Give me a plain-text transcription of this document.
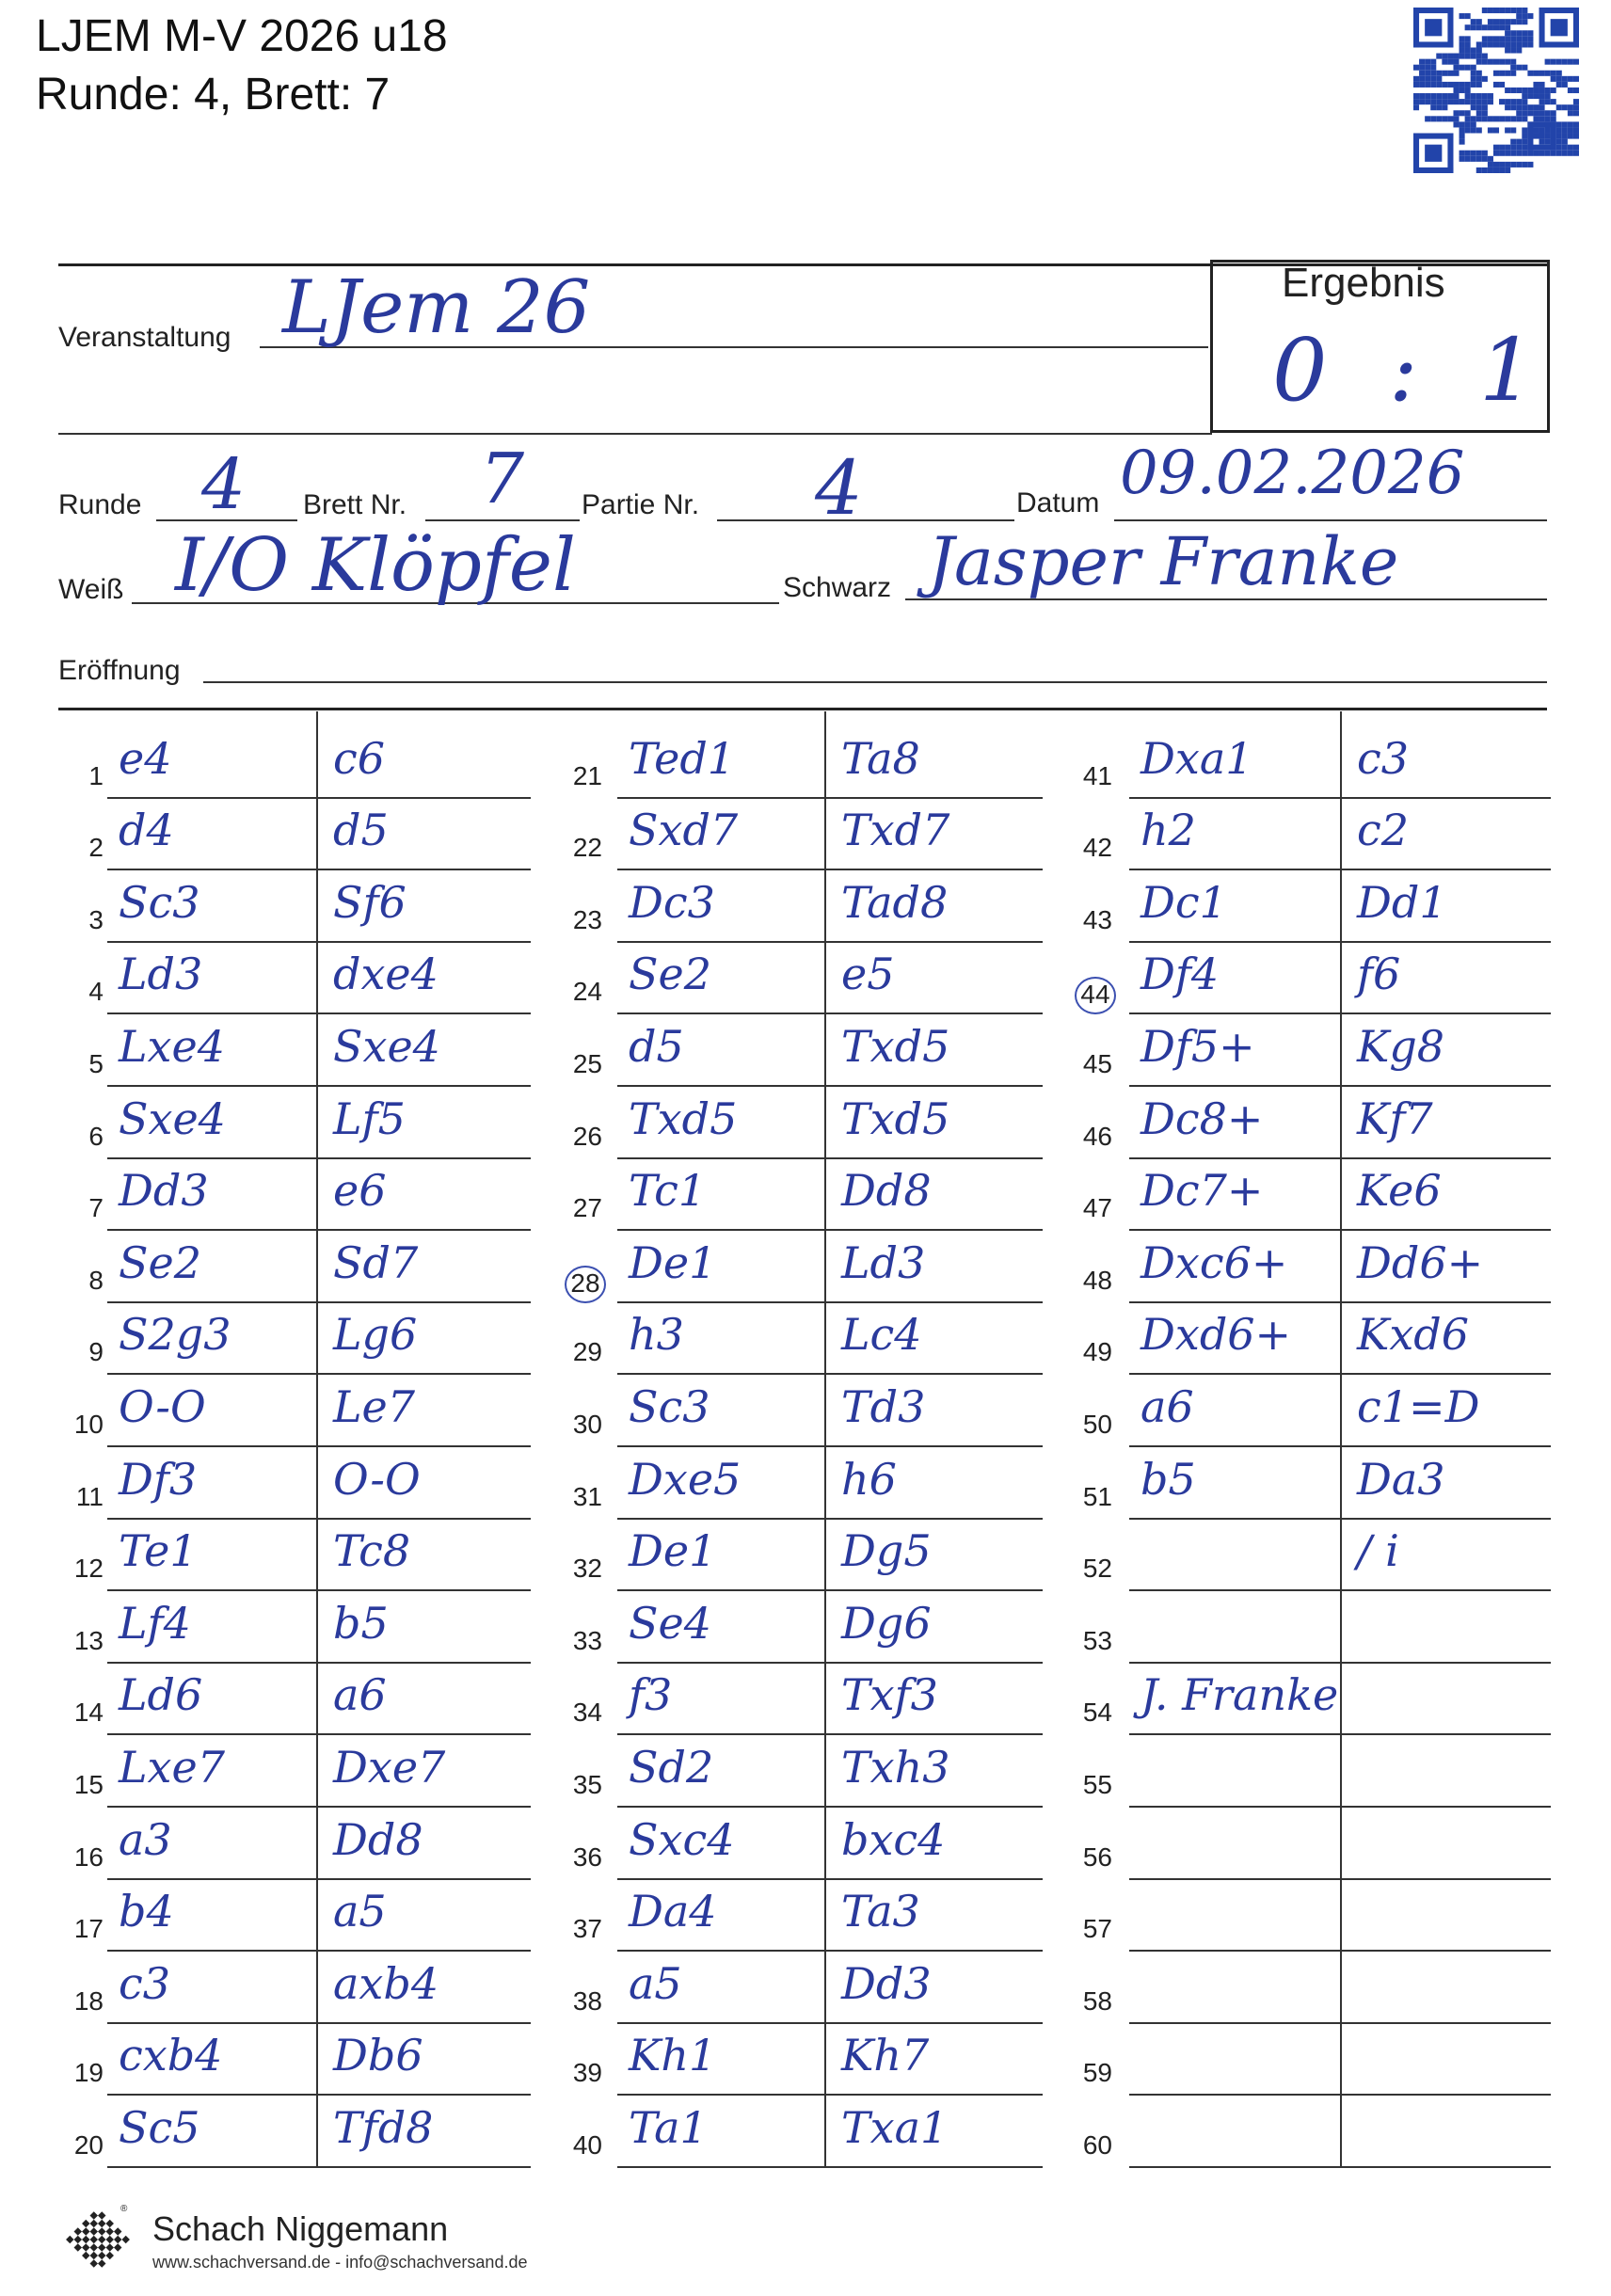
LJEM M-V 2026 u18
Runde: 4, Brett: 7
Veranstaltung LJem 26	Ergebnis
0 : 1
Runde 4 Brett Nr. 7 Partie Nr. 4	Datum 09.02.2026
Weiß I/O Klöpfel	Schwarz Jasper Franke
Eröffnung
1 e4	c6
2 d4	d5
3 Sc3	Sf6
4 Ld3	dxe4
5 Lxe4	Sxe4
6 Sxe4 Lf5
7 Dd3	e6
8 Se2	Sd7
9 S2g3 Lg6
10 O-O	Le7
11 Df3	O-O
12 Te1	Tc8
13 Lf4	b5
14 Ld6	a6
15 Lxe7	Dxe7
16 a3	Dd8
17 b4	a5
18 c3	axb4
19 cxb4	Db6
20 Sc5	Tfd8
21 Ted1 Ta8
22 Sxd7 Txd7
23 Dc3	Tad8
24 Se2	e5
25 d5	Txd5
26 Txd5 Txd5
27 Tc1	Dd8
28 De1	Ld3
29 h3	Lc4
30 Sc3	Td3
31 Dxe5 h6
32 De1	Dg5
33 Se4	Dg6
34 f3	Txf3
35 Sd2	Txh3
36 Sxc4 bxc4
37 Da4	Ta3
38 a5	Dd3
39 Kh1	Kh7
40 Ta1	Txa1
41 Dxa1 c3
42 h2	c2
43 Dc1	Dd1
44 Df4	f6
45 Df5+ Kg8
46 Dc8+ Kf7
47 Dc7+ Ke6
48 Dxc6+ Dd6+
49 Dxd6+ Kxd6
50 a6	c1=D
51 b5	Da3
52	/ i
53
54 J. Franke
55
56
57
58
59
60
®
Schach Niggemann
www.schachversand.de - info@schachversand.de
